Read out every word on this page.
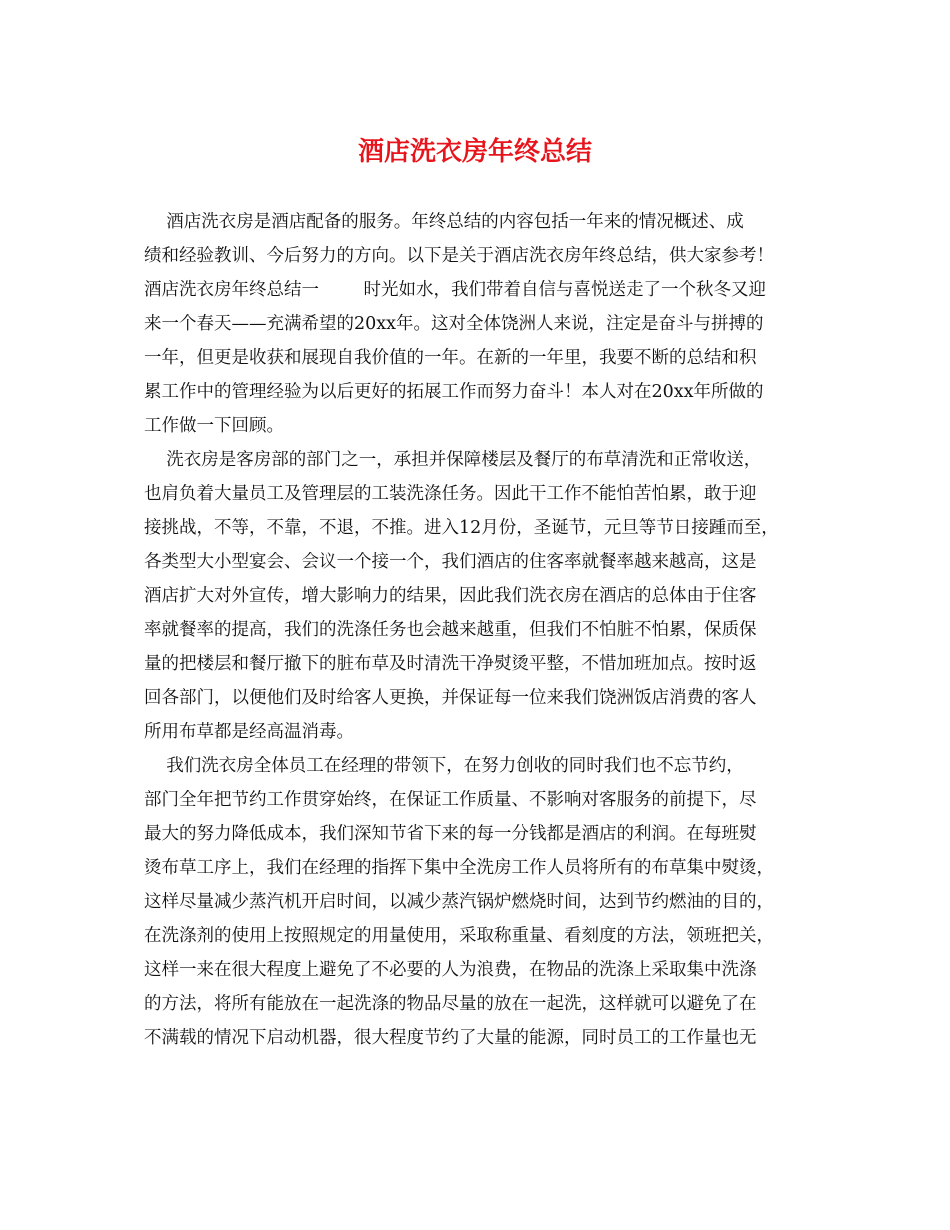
酒店洗衣房年终总结
酒店洗衣房是酒店配备的服务。年终总结的内容包括一年来的情况概述、成
绩和经验教训、今后努力的方向。以下是关于酒店洗衣房年终总结，供大家参考！
酒店洗衣房年终总结一        时光如水，我们带着自信与喜悦送走了一个秋冬又迎
来一个春天——充满希望的20xx年。这对全体饶洲人来说，注定是奋斗与拼搏的
一年，但更是收获和展现自我价值的一年。在新的一年里，我要不断的总结和积
累工作中的管理经验为以后更好的拓展工作而努力奋斗！本人对在20xx年所做的
工作做一下回顾。
洗衣房是客房部的部门之一，承担并保障楼层及餐厅的布草清洗和正常收送，
也肩负着大量员工及管理层的工装洗涤任务。因此干工作不能怕苦怕累，敢于迎
接挑战，不等，不靠，不退，不推。进入12月份，圣诞节，元旦等节日接踵而至，
各类型大小型宴会、会议一个接一个，我们酒店的住客率就餐率越来越高，这是
酒店扩大对外宣传，增大影响力的结果，因此我们洗衣房在酒店的总体由于住客
率就餐率的提高，我们的洗涤任务也会越来越重，但我们不怕脏不怕累，保质保
量的把楼层和餐厅撤下的脏布草及时清洗干净熨烫平整，不惜加班加点。按时返
回各部门，以便他们及时给客人更换，并保证每一位来我们饶洲饭店消费的客人
所用布草都是经高温消毒。
我们洗衣房全体员工在经理的带领下，在努力创收的同时我们也不忘节约，
部门全年把节约工作贯穿始终，在保证工作质量、不影响对客服务的前提下，尽
最大的努力降低成本，我们深知节省下来的每一分钱都是酒店的利润。在每班熨
烫布草工序上，我们在经理的指挥下集中全洗房工作人员将所有的布草集中熨烫，
这样尽量减少蒸汽机开启时间，以减少蒸汽锅炉燃烧时间，达到节约燃油的目的，
在洗涤剂的使用上按照规定的用量使用，采取称重量、看刻度的方法，领班把关，
这样一来在很大程度上避免了不必要的人为浪费，在物品的洗涤上采取集中洗涤
的方法，将所有能放在一起洗涤的物品尽量的放在一起洗，这样就可以避免了在
不满载的情况下启动机器，很大程度节约了大量的能源，同时员工的工作量也无
